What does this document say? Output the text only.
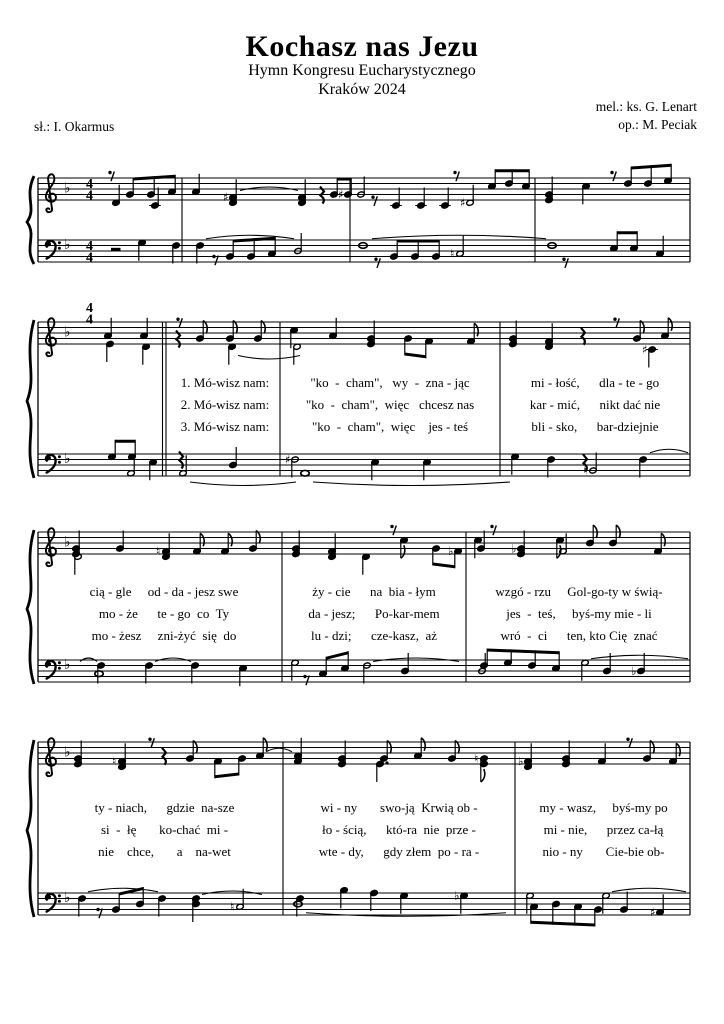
Kochasz nas Jezu
Hymn Kongresu Eucharystycznego
Kraków 2024
mel.: ks. G. Lenart
op.: M. Peciak
sł.: I. Okarmus
♭
♭
4
4
4
4
4
4
♯	♯
♯
♮
♭
♭
♯
♯
♮
♭
♭
♮	♭	♭
♭
♭
♭
♮	♮	♭
♮
♭
♯
1. Mó-wisz nam:	"ko  -  cham",   wy  -  zna - jąc	mi - łość,      dla - te - go
2. Mó-wisz nam:	"ko  -  cham",  więc   chcesz nas	kar - mić,      nikt dać nie
3. Mó-wisz nam:	"ko  -  cham",  więc    jes - teś	bli - sko,      bar-dziejnie
cią - gle     od - da - jesz swe	ży - cie      na  bia - łym	wzgó - rzu     Gol-go-ty w świą-
mo - że      te - go  co  Ty	da - jesz;      Po-kar-mem	jes  -  teś,     byś-my mie - li
mo - żesz     zni-żyć  się  do	lu - dzi;      cze-kasz,  aż	wró  -  ci      ten, kto Cię  znać
ty - niach,      gdzie  na-sze	wi - ny       swo-ją  Krwią ob -	my - wasz,     byś-my po
si  -  łę       ko-chać  mi -	ło - ścią,      któ-ra  nie  prze -	mi - nie,      przez ca-łą
nie    chce,       a    na-wet	wte - dy,      gdy złem  po - ra -	nio - ny       Cie-bie ob-
